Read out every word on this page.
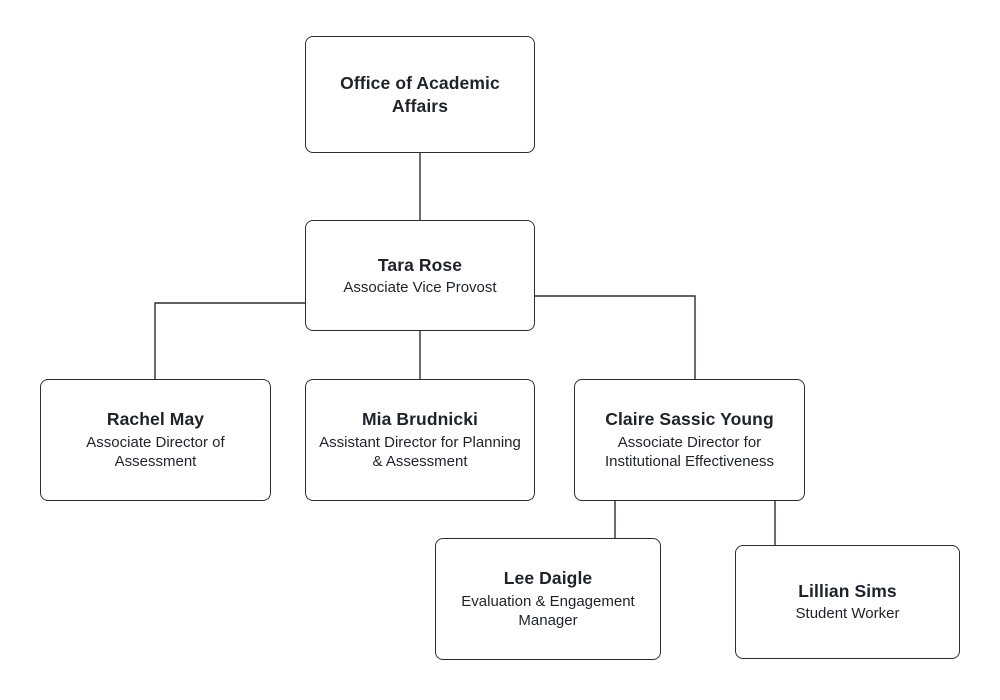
Office of Academic Affairs
Tara Rose
Associate Vice Provost
Rachel May
Associate Director of Assessment
Mia Brudnicki
Assistant Director for Planning & Assessment
Claire Sassic Young
Associate Director for Institutional Effectiveness
Lee Daigle
Evaluation & Engagement Manager
Lillian Sims
Student Worker
